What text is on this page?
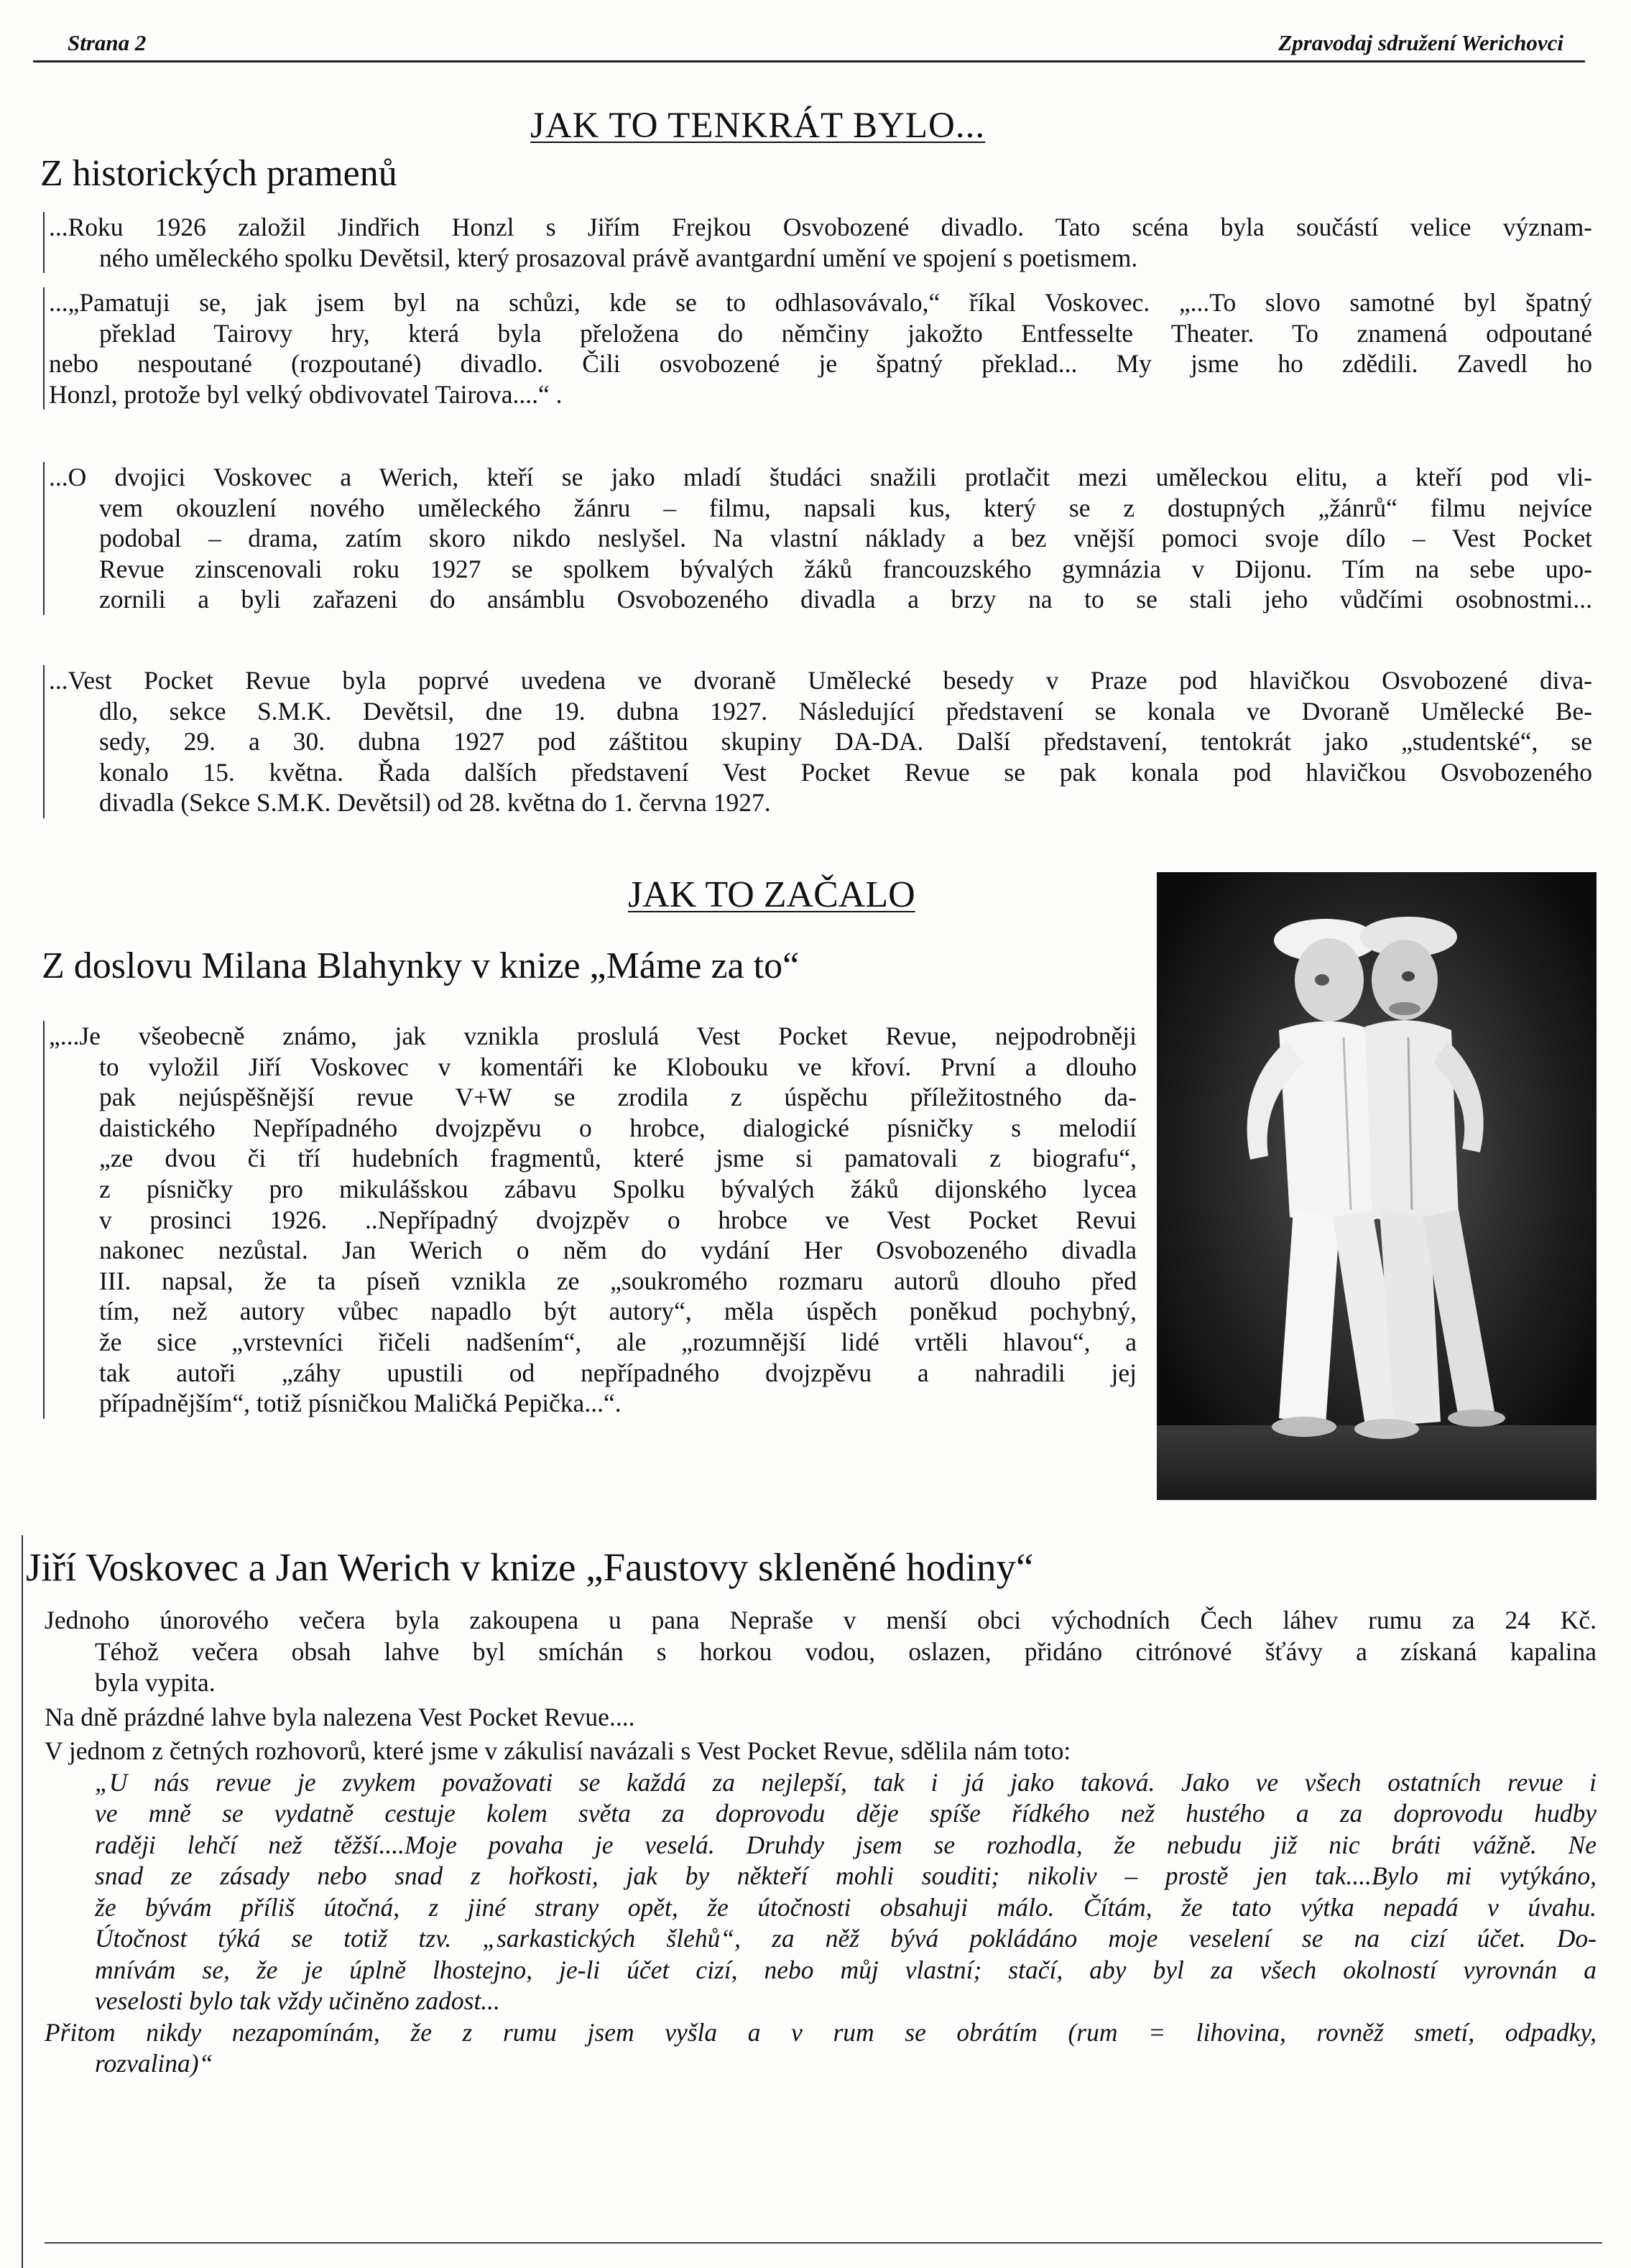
Strana 2	Zpravodaj sdružení Werichovci
JAK TO TENKRÁT BYLO...
Z historických pramenů
...Roku 1926 založil Jindřich Honzl s Jiřím Frejkou Osvobozené divadlo. Tato scéna byla součástí velice význam-
ného uměleckého spolku Devětsil, který prosazoval právě avantgardní umění ve spojení s poetismem.
...„Pamatuji se, jak jsem byl na schůzi, kde se to odhlasovávalo,“ říkal Voskovec. „...To slovo samotné byl špatný
překlad Tairovy hry, která byla přeložena do němčiny jakožto Entfesselte Theater. To znamená odpoutané
nebo nespoutané (rozpoutané) divadlo. Čili osvobozené je špatný překlad... My jsme ho zdědili. Zavedl ho
Honzl, protože byl velký obdivovatel Tairova....“ .
...O dvojici Voskovec a Werich, kteří se jako mladí študáci snažili protlačit mezi uměleckou elitu, a kteří pod vli-
vem okouzlení nového uměleckého žánru – filmu, napsali kus, který se z dostupných „žánrů“ filmu nejvíce
podobal – drama, zatím skoro nikdo neslyšel. Na vlastní náklady a bez vnější pomoci svoje dílo – Vest Pocket
Revue zinscenovali roku 1927 se spolkem bývalých žáků francouzského gymnázia v Dijonu. Tím na sebe upo-
zornili a byli zařazeni do ansámblu Osvobozeného divadla a brzy na to se stali jeho vůdčími osobnostmi...
...Vest Pocket Revue byla poprvé uvedena ve dvoraně Umělecké besedy v Praze pod hlavičkou Osvobozené diva-
dlo, sekce S.M.K. Devětsil, dne 19. dubna 1927. Následující představení se konala ve Dvoraně Umělecké Be-
sedy, 29. a 30. dubna 1927 pod záštitou skupiny DA-DA. Další představení, tentokrát jako „studentské“, se
konalo 15. května. Řada dalších představení Vest Pocket Revue se pak konala pod hlavičkou Osvobozeného
divadla (Sekce S.M.K. Devětsil) od 28. května do 1. června 1927.
JAK TO ZAČALO
Z doslovu Milana Blahynky v knize „Máme za to“
„...Je všeobecně známo, jak vznikla proslulá Vest Pocket Revue, nejpodrobněji
to vyložil Jiří Voskovec v komentáři ke Klobouku ve křoví. První a dlouho
pak nejúspěšnější revue V+W se zrodila z úspěchu příležitostného da-
daistického Nepřípadného dvojzpěvu o hrobce, dialogické písničky s melodií
„ze dvou či tří hudebních fragmentů, které jsme si pamatovali z biografu“,
z písničky pro mikulášskou zábavu Spolku bývalých žáků dijonského lycea
v prosinci 1926. ..Nepřípadný dvojzpěv o hrobce ve Vest Pocket Revui
nakonec nezůstal. Jan Werich o něm do vydání Her Osvobozeného divadla
III. napsal, že ta píseň vznikla ze „soukromého rozmaru autorů dlouho před
tím, než autory vůbec napadlo být autory“, měla úspěch poněkud pochybný,
že sice „vrstevníci řičeli nadšením“, ale „rozumnější lidé vrtěli hlavou“, a
tak autoři „záhy upustili od nepřípadného dvojzpěvu a nahradili jej
případnějším“, totiž písničkou Maličká Pepička...“.
Jiří Voskovec a Jan Werich v knize „Faustovy skleněné hodiny“
Jednoho únorového večera byla zakoupena u pana Nepraše v menší obci východních Čech láhev rumu za 24 Kč.
Téhož večera obsah lahve byl smíchán s horkou vodou, oslazen, přidáno citrónové šťávy a získaná kapalina
byla vypita.
Na dně prázdné lahve byla nalezena Vest Pocket Revue....
V jednom z četných rozhovorů, které jsme v zákulisí navázali s Vest Pocket Revue, sdělila nám toto:
„U nás revue je zvykem považovati se každá za nejlepší, tak i já jako taková. Jako ve všech ostatních revue i
ve mně se vydatně cestuje kolem světa za doprovodu děje spíše řídkého než hustého a za doprovodu hudby
raději lehčí než těžší....Moje povaha je veselá. Druhdy jsem se rozhodla, že nebudu již nic bráti vážně. Ne
snad ze zásady nebo snad z hořkosti, jak by někteří mohli souditi; nikoliv – prostě jen tak....Bylo mi vytýkáno,
že bývám příliš útočná, z jiné strany opět, že útočnosti obsahuji málo. Čítám, že tato výtka nepadá v úvahu.
Útočnost týká se totiž tzv. „sarkastických šlehů“, za něž bývá pokládáno moje veselení se na cizí účet. Do-
mnívám se, že je úplně lhostejno, je-li účet cizí, nebo můj vlastní; stačí, aby byl za všech okolností vyrovnán a
veselosti bylo tak vždy učiněno zadost...
Přitom nikdy nezapomínám, že z rumu jsem vyšla a v rum se obrátím (rum = lihovina, rovněž smetí, odpadky,
rozvalina)“
